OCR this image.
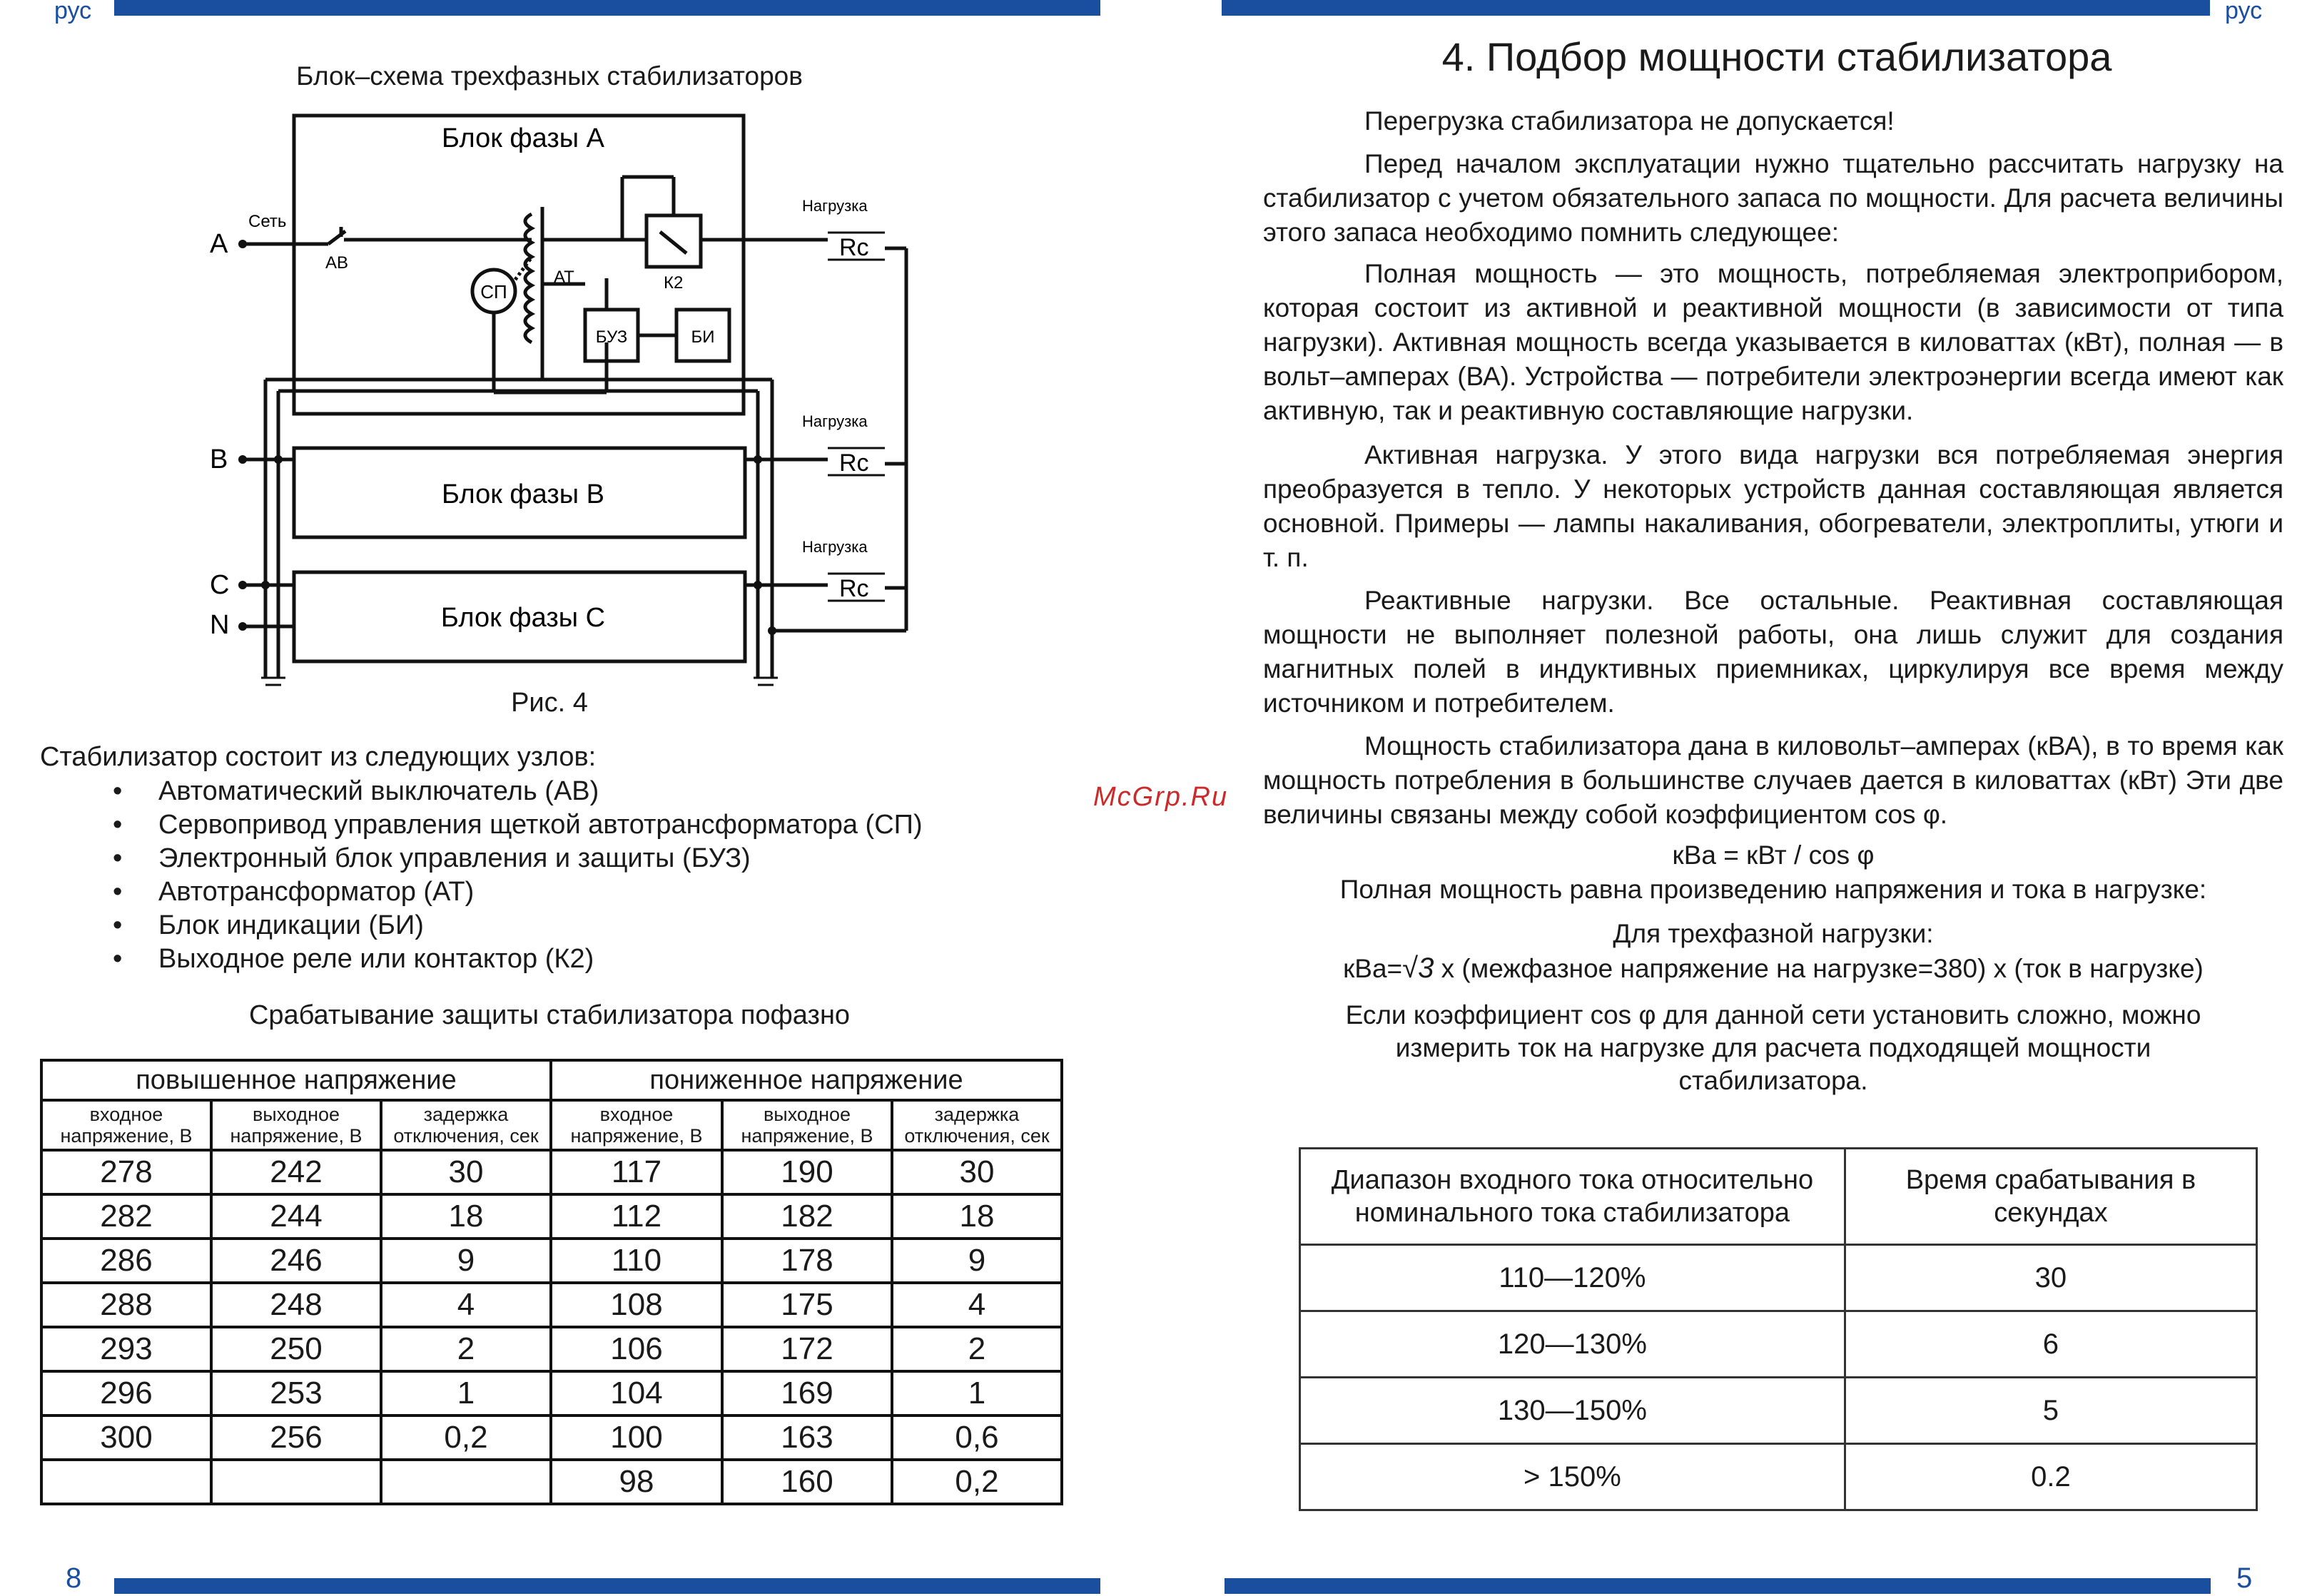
рус	рус
8	5
McGrp.Ru
Блок–схема трехфазных стабилизаторов
Блок фазы А
Блок фазы В
Блок фазы С
А
В
С
N
Сеть
АВ
АТ
СП	К2
БУЗ	БИ
Нагрузка
Нагрузка
Нагрузка
Rc
Rc
Rc
Рис. 4
Стабилизатор состоит из следующих узлов:
• Автоматический выключатель (АВ)
• Сервопривод управления щеткой автотрансформатора (СП)
• Электронный блок управления и защиты (БУЗ)
• Автотрансформатор (АТ)
• Блок индикации (БИ)
• Выходное реле или контактор (К2)
Срабатывание защиты стабилизатора пофазно
повышенное напряжение			пониженное напряжение		
входное напряжение, В	выходное напряжение, В	задержка отключения, сек	входное напряжение, В	выходное напряжение, В	задержка отключения, сек
278	242	30	117	190	30
282	244	18	112	182	18
286	246	9	110	178	9
288	248	4	108	175	4
293	250	2	106	172	2
296	253	1	104	169	1
300	256	0,2	100	163	0,6
			98	160	0,2
4. Подбор мощности стабилизатора
Перегрузка стабилизатора не допускается!
Перед началом эксплуатации нужно тщательно рассчитать нагрузку на стабилизатор с учетом обязательного запаса по мощности. Для расчета величины этого запаса необходимо помнить следующее:
Полная мощность — это мощность, потребляемая электроприбором, которая состоит из активной и реактивной мощности (в зависимости от типа нагрузки). Активная мощность всегда указывается в киловаттах (кВт), полная — в вольт–амперах (ВА). Устройства — потребители электроэнергии всегда имеют как активную, так и реактивную составляющие нагрузки.
Активная нагрузка. У этого вида нагрузки вся потребляемая энергия преобразуется в тепло. У некоторых устройств данная составляющая является основной. Примеры — лампы накаливания, обогреватели, электроплиты, утюги и т. п.
Реактивные нагрузки. Все остальные. Реактивная составляющая мощности не выполняет полезной работы, она лишь служит для создания магнитных полей в индуктивных приемниках, циркулируя все время между источником и потребителем.
Мощность стабилизатора дана в киловольт–амперах (кВА), в то время как мощность потребления в большинстве случаев дается в киловаттах (кВт) Эти две величины связаны между собой коэффициентом cos φ.
кВа = кВт / cos φ
Полная мощность равна произведению напряжения и тока в нагрузке:
Для трехфазной нагрузки:
кВа=√3 х (межфазное напряжение на нагрузке=380) х (ток в нагрузке)
Если коэффициент cos φ для данной сети установить сложно, можно измерить ток на нагрузке для расчета подходящей мощности стабилизатора.
Диапазон входного тока относительно номинального тока стабилизатора	Время срабатывания в секундах
110—120%	30
120—130%	6
130—150%	5
> 150%	0.2
